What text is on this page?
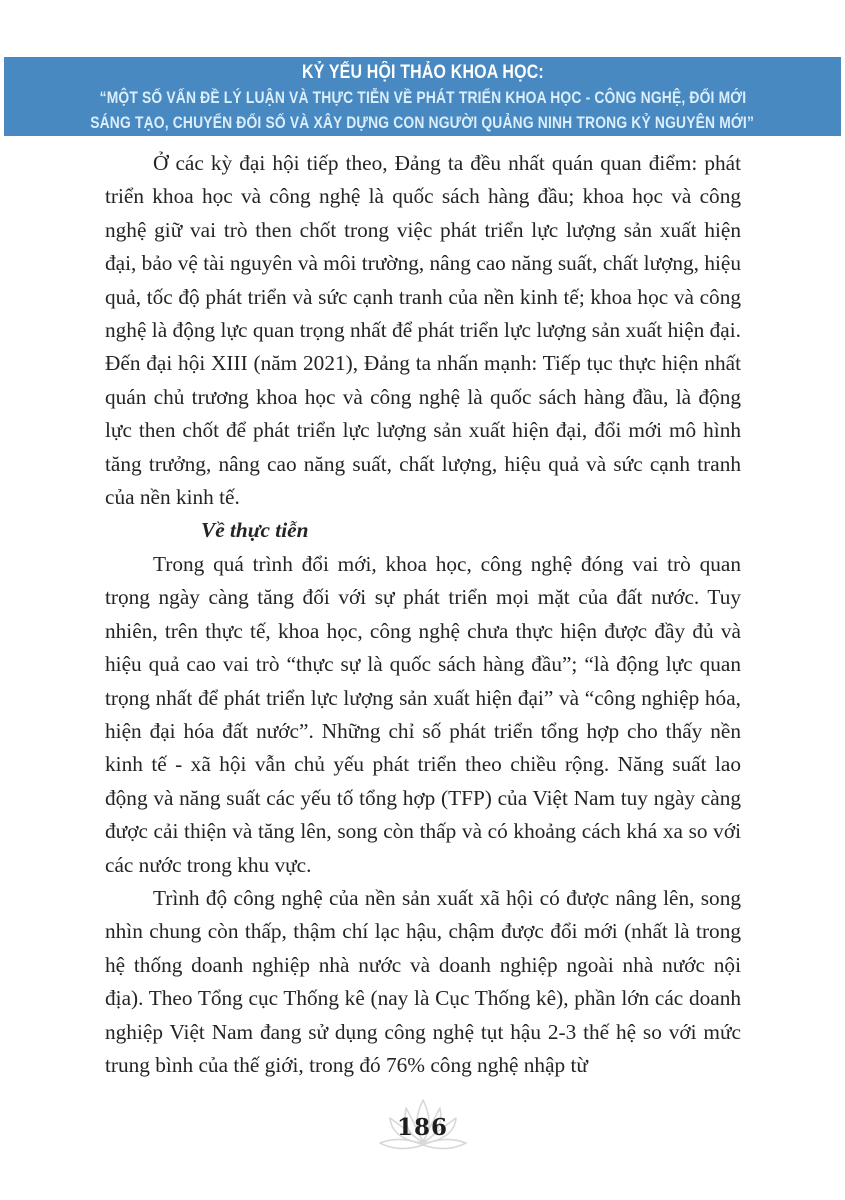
KỶ YẾU HỘI THẢO KHOA HỌC:
“MỘT SỐ VẤN ĐỀ LÝ LUẬN VÀ THỰC TIỄN VỀ PHÁT TRIỂN KHOA HỌC - CÔNG NGHỆ, ĐỔI MỚI
SÁNG TẠO, CHUYỂN ĐỔI SỐ VÀ XÂY DỰNG CON NGƯỜI QUẢNG NINH TRONG KỶ NGUYÊN MỚI”

Ở các kỳ đại hội tiếp theo, Đảng ta đều nhất quán quan điểm: phát triển khoa học và công nghệ là quốc sách hàng đầu; khoa học và công nghệ giữ vai trò then chốt trong việc phát triển lực lượng sản xuất hiện đại, bảo vệ tài nguyên và môi trường, nâng cao năng suất, chất lượng, hiệu quả, tốc độ phát triển và sức cạnh tranh của nền kinh tế; khoa học và công nghệ là động lực quan trọng nhất để phát triển lực lượng sản xuất hiện đại. Đến đại hội XIII (năm 2021), Đảng ta nhấn mạnh: Tiếp tục thực hiện nhất quán chủ trương khoa học và công nghệ là quốc sách hàng đầu, là động lực then chốt để phát triển lực lượng sản xuất hiện đại, đổi mới mô hình tăng trưởng, nâng cao năng suất, chất lượng, hiệu quả và sức cạnh tranh của nền kinh tế.

Về thực tiễn

Trong quá trình đổi mới, khoa học, công nghệ đóng vai trò quan trọng ngày càng tăng đối với sự phát triển mọi mặt của đất nước. Tuy nhiên, trên thực tế, khoa học, công nghệ chưa thực hiện được đầy đủ và hiệu quả cao vai trò “thực sự là quốc sách hàng đầu”; “là động lực quan trọng nhất để phát triển lực lượng sản xuất hiện đại” và “công nghiệp hóa, hiện đại hóa đất nước”. Những chỉ số phát triển tổng hợp cho thấy nền kinh tế - xã hội vẫn chủ yếu phát triển theo chiều rộng. Năng suất lao động và năng suất các yếu tố tổng hợp (TFP) của Việt Nam tuy ngày càng được cải thiện và tăng lên, song còn thấp và có khoảng cách khá xa so với các nước trong khu vực.

Trình độ công nghệ của nền sản xuất xã hội có được nâng lên, song nhìn chung còn thấp, thậm chí lạc hậu, chậm được đổi mới (nhất là trong hệ thống doanh nghiệp nhà nước và doanh nghiệp ngoài nhà nước nội địa). Theo Tổng cục Thống kê (nay là Cục Thống kê), phần lớn các doanh nghiệp Việt Nam đang sử dụng công nghệ tụt hậu 2-3 thế hệ so với mức trung bình của thế giới, trong đó 76% công nghệ nhập từ

186
